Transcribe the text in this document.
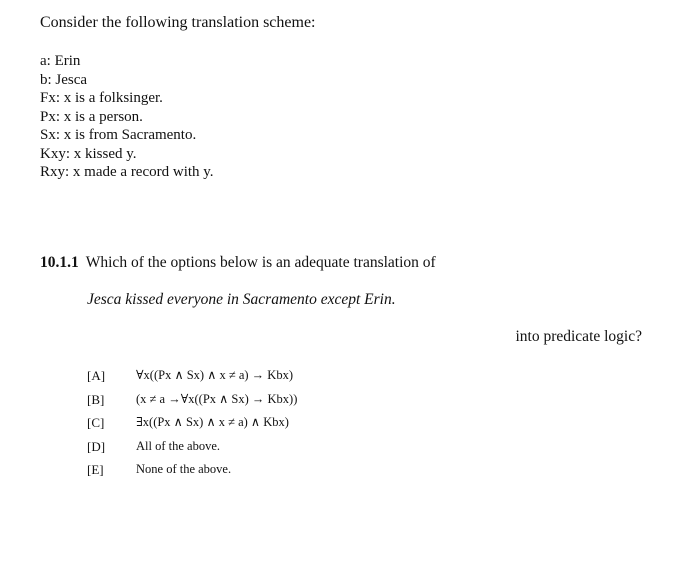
Consider the following translation scheme:
a: Erin
b: Jesca
Fx: x is a folksinger.
Px: x is a person.
Sx: x is from Sacramento.
Kxy: x kissed y.
Rxy: x made a record with y.
10.1.1 Which of the options below is an adequate translation of
Jesca kissed everyone in Sacramento except Erin.
into predicate logic?
[A]	∀x((Px ∧ Sx) ∧ x ≠ a) → Kbx)
[B]	(x ≠ a →∀x((Px ∧ Sx) → Kbx))
[C]	∃x((Px ∧ Sx) ∧ x ≠ a) ∧ Kbx)
[D]	All of the above.
[E]	None of the above.
